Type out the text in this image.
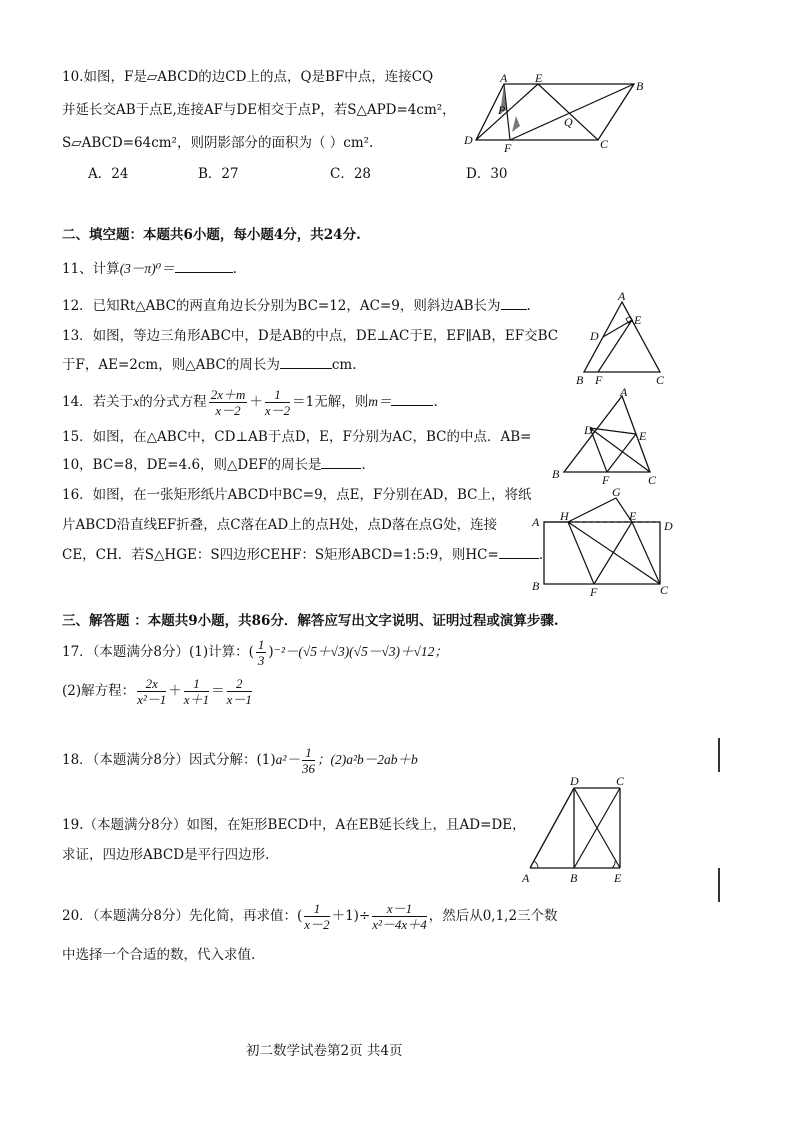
10.如图，F是▱ABCD的边CD上的点，Q是BF中点，连接CQ
并延长交AB于点E,连接AF与DE相交于点P，若S△APD=4cm²，
S▱ABCD=64cm²，则阴影部分的面积为（ ）cm².
A．24	B．27	C．28	D．30
A E
B
P
Q
D
F	C
二、填空题：本题共6小题，每小题4分，共24分.
11、计算(3－π)⁰＝	.
12．已知Rt△ABC的两直角边长分别为BC=12，AC=9，则斜边AB长为 .
13．如图，等边三角形ABC中，D是AB的中点，DE⊥AC于E，EF∥AB，EF交BC
于F，AE=2cm，则△ABC的周长为	cm.
A
D
E
B F	C
14．若关于x的分式方程 $\frac{2x+m}{x-2} + \frac{1}{x-2} =1$无解，则m＝	.
15．如图，在△ABC中，CD⊥AB于点D，E，F分别为AC，BC的中点．AB=
10，BC=8，DE=4.6，则△DEF的周长是	.
A
D	E
B	F	C
16．如图，在一张矩形纸片ABCD中BC=9，点E，F分别在AD，BC上，将纸
片ABCD沿直线EF折叠，点C落在AD上的点H处，点D落在点G处，连接
CE，CH．若S△HGE：S四边形CEHF：S矩形ABCD=1:5:9，则HC=	.
G
A H	E
D
B	F	C
三、解答题 ：本题共9小题，共86分．解答应写出文字说明、证明过程或演算步骤.
17．（本题满分8分）(1)计算：( $\frac{1}{3} )^{-2}-(√5+√3)(√5-√3)+√12$；
(2)解方程： $\frac{2x}{\text{x²－1}} + \frac{1}{x+1} = \frac{2}{x-1}$
18．（本题满分8分）因式分解：$(1)a^2- \frac{1}{36}$ ；(2)a²b－2ab＋b
19.（本题满分8分）如图，在矩形BECD中，A在EB延长线上，且AD=DE，
求证，四边形ABCD是平行四边形.
D	C
A	B	E
20．（本题满分8分）先化简，再求值：( $\frac{1}{x-2} +1)\div \frac{x-1}{\text{x²－4x＋4}}$ ，然后从0,1,2三个数
中选择一个合适的数，代入求值.
初二数学试卷第2页 共4页
